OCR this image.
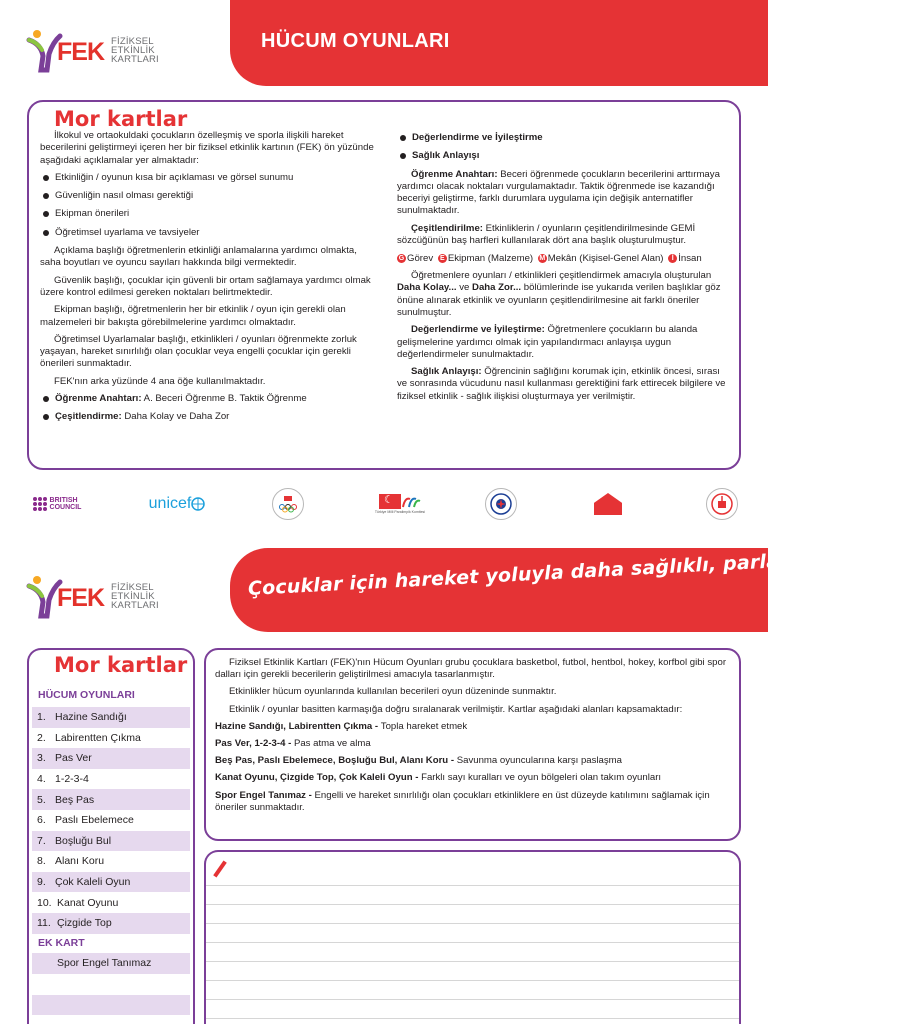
FEK FİZİKSEL
ETKİNLİK
KARTLARI
HÜCUM OYUNLARI
Mor kartlar

İlkokul ve ortaokuldaki çocukların özelleşmiş ve sporla ilişkili hareket becerilerini geliştirmeyi içeren her bir fiziksel etkinlik kartının (FEK) ön yüzünde aşağıdaki açıklamalar yer almaktadır:

Etkinliğin / oyunun kısa bir açıklaması ve görsel sunumu
Güvenliğin nasıl olması gerektiği
Ekipman önerileri
Öğretimsel uyarlama ve tavsiyeler

Açıklama başlığı öğretmenlerin etkinliği anlamalarına yardımcı olmakta, saha boyutları ve oyuncu sayıları hakkında bilgi vermektedir.

Güvenlik başlığı, çocuklar için güvenli bir ortam sağlamaya yardımcı olmak üzere kontrol edilmesi gereken noktaları belirtmektedir.

Ekipman başlığı, öğretmenlerin her bir etkinlik / oyun için gerekli olan malzemeleri bir bakışta görebilmelerine yardımcı olmaktadır.

Öğretimsel Uyarlamalar başlığı, etkinlikleri / oyunları öğrenmekte zorluk yaşayan, hareket sınırlılığı olan çocuklar veya engelli çocuklar için gerekli önerileri sunmaktadır.

FEK'nın arka yüzünde 4 ana öğe kullanılmaktadır.

Öğrenme Anahtarı: A. Beceri Öğrenme B. Taktik Öğrenme
Çeşitlendirme: Daha Kolay ve Daha Zor
Değerlendirme ve İyileştirme
Sağlık Anlayışı

Öğrenme Anahtarı: Beceri öğrenmede çocukların becerilerini arttırmaya yardımcı olacak noktaları vurgulamaktadır. Taktik öğrenmede ise kazandığı beceriyi geliştirme, farklı durumlara uygulama için değişik anternatifler sunulmaktadır.

Çeşitlendirilme: Etkinliklerin / oyunların çeşitlendirilmesinde GEMİ sözcüğünün baş harfleri kullanılarak dört ana başlık oluşturulmuştur.

G Görev
E Ekipman (Malzeme)
M Mekân (Kişisel-Genel Alan)
	İ İnsan

Öğretmenlere oyunları / etkinlikleri çeşitlendirmek amacıyla oluşturulan Daha Kolay... ve Daha Zor... bölümlerinde ise yukarıda verilen başlıklar göz önüne alınarak etkinlik ve oyunların çeşitlendirilmesine ait farklı öneriler sunulmuştur.

Değerlendirme ve İyileştirme: Öğretmenlere çocukların bu alanda gelişmelerine yardımcı olmak için yapılandırmacı anlayışa uygun değerlendirmeler sunulmaktadır.

Sağlık Anlayışı: Öğrencinin sağlığını korumak için, etkinlik öncesi, sırası ve sonrasında vücudunu nasıl kullanması gerektiğini fark ettirecek bilgilere ve fiziksel etkinlik - sağlık ilişkisi oluşturmaya yer verilmiştir.

BRITISH
COUNCIL	unicef
☾	Türkiye Milli Paralimpik Komitesi
FEK FİZİKSEL
ETKİNLİK
KARTLARI
Çocuklar için hareket yoluyla daha sağlıklı, parlak bir gelecek
Mor kartlar
HÜCUM OYUNLARI
1. Hazine Sandığı
2. Labirentten Çıkma
3. Pas Ver
4. 1-2-3-4
5. Beş Pas
6. Paslı Ebelemece
7. Boşluğu Bul
8. Alanı Koru
9. Çok Kaleli Oyun
10. Kanat Oyunu
11. Çizgide Top
EK KART
Spor Engel Tanımaz

Fiziksel Etkinlik Kartları (FEK)'nın Hücum Oyunları grubu çocuklara basketbol, futbol, hentbol, hokey, korfbol gibi spor dalları için gerekli becerilerin geliştirilmesi amacıyla tasarlanmıştır.

Etkinlikler hücum oyunlarında kullanılan becerileri oyun düzeninde sunmaktır.

Etkinlik / oyunlar basitten karmaşığa doğru sıralanarak verilmiştir. Kartlar aşağıdaki alanları kapsamaktadır:

Hazine Sandığı, Labirentten Çıkma - Topla hareket etmek

Pas Ver, 1-2-3-4 - Pas atma ve alma

Beş Pas, Paslı Ebelemece, Boşluğu Bul, Alanı Koru - Savunma oyuncularına karşı paslaşma

Kanat Oyunu, Çizgide Top, Çok Kaleli Oyun - Farklı sayı kuralları ve oyun bölgeleri olan takım oyunları

Spor Engel Tanımaz - Engelli ve hareket sınırlılığı olan çocukları etkinliklere en üst düzeyde katılımını sağlamak için öneriler sunmaktadır.
